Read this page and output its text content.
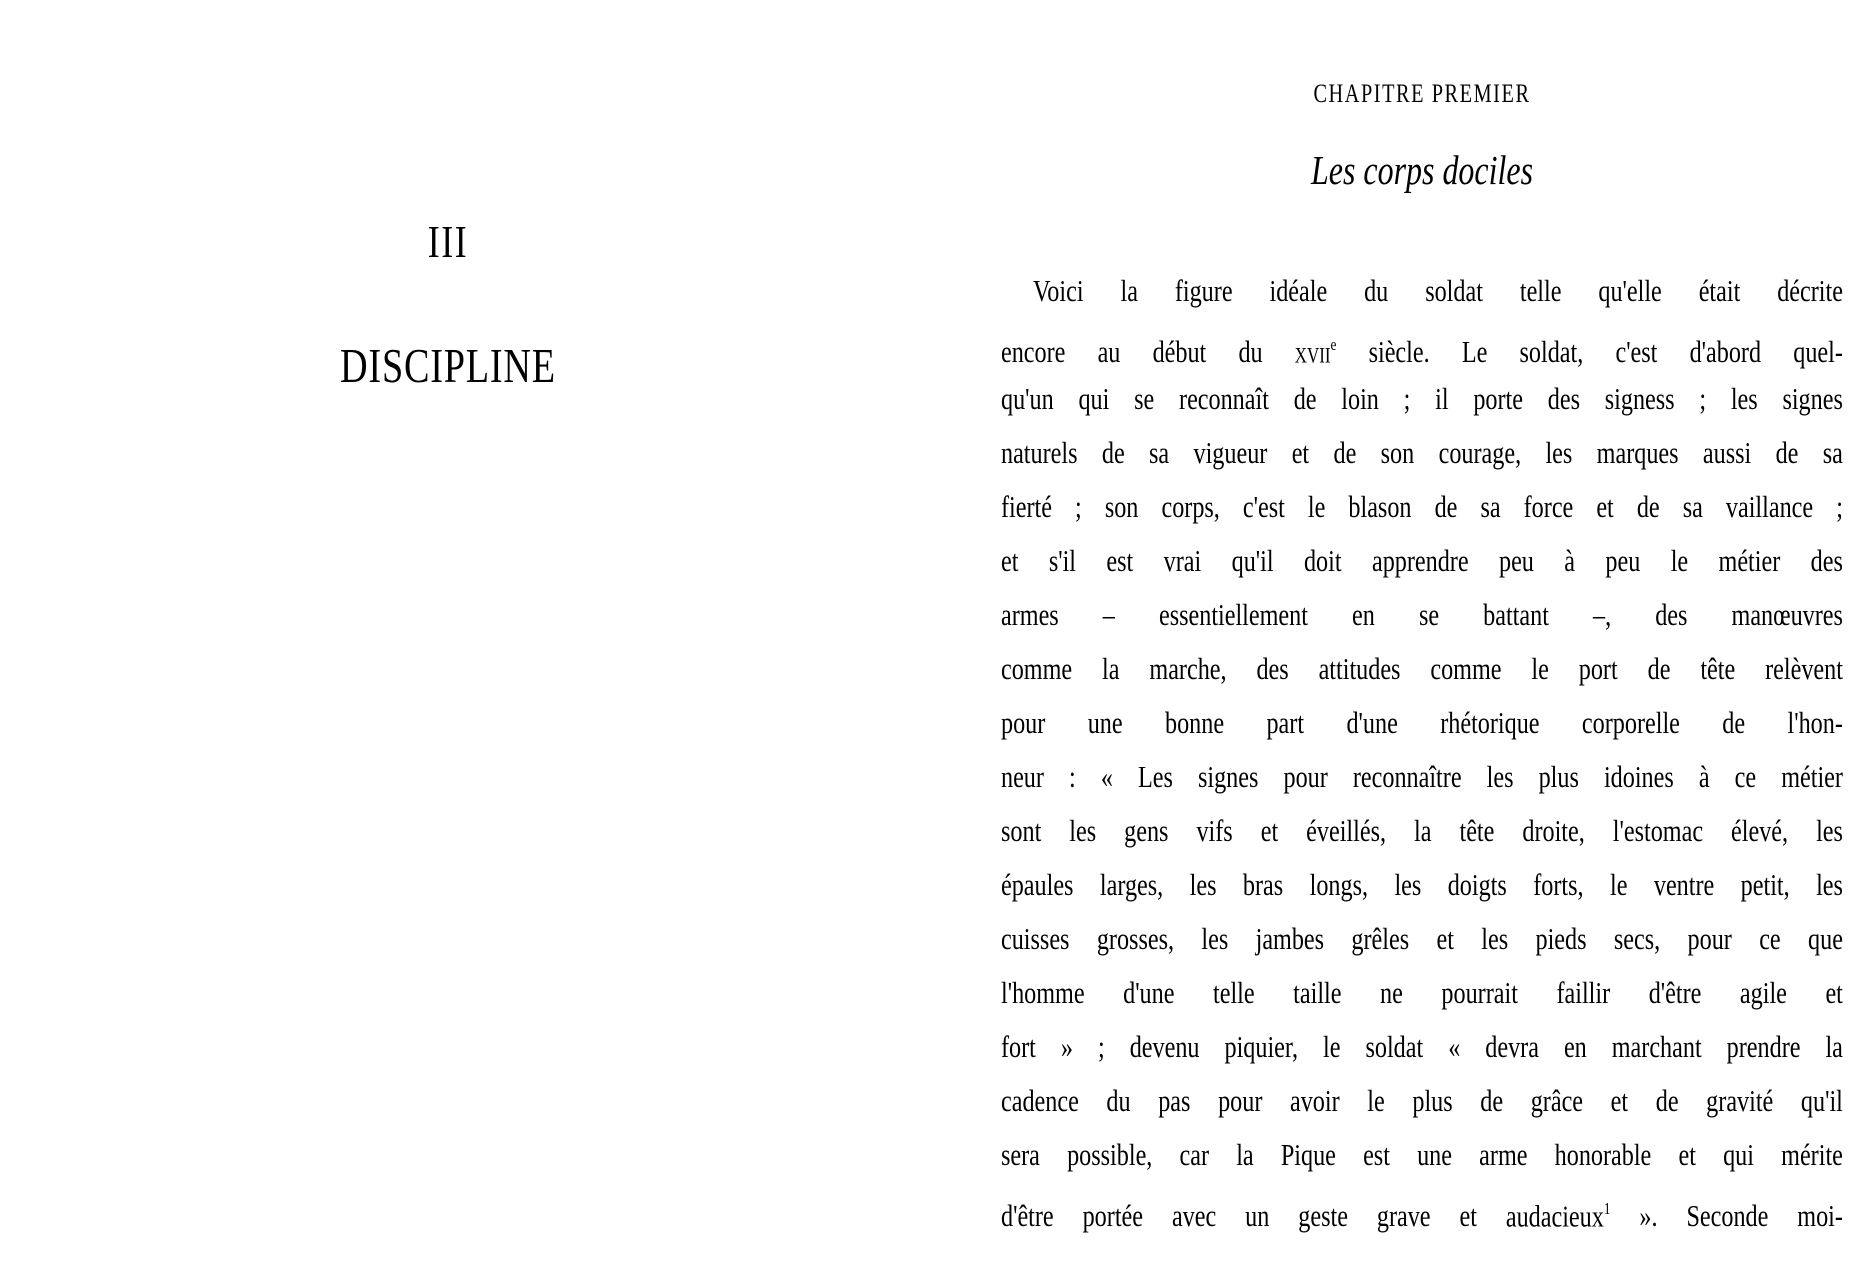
III
DISCIPLINE
CHAPITRE PREMIER
Les corps dociles
Voici la figure idéale du soldat telle qu'elle était décrite
encore au début du XVIIe siècle. Le soldat, c'est d'abord quel-
qu'un qui se reconnaît de loin ; il porte des signess ; les signes
naturels de sa vigueur et de son courage, les marques aussi de sa
fierté ; son corps, c'est le blason de sa force et de sa vaillance ;
et s'il est vrai qu'il doit apprendre peu à peu le métier des
armes – essentiellement en se battant –, des manœuvres
comme la marche, des attitudes comme le port de tête relèvent
pour une bonne part d'une rhétorique corporelle de l'hon-
neur : « Les signes pour reconnaître les plus idoines à ce métier
sont les gens vifs et éveillés, la tête droite, l'estomac élevé, les
épaules larges, les bras longs, les doigts forts, le ventre petit, les
cuisses grosses, les jambes grêles et les pieds secs, pour ce que
l'homme d'une telle taille ne pourrait faillir d'être agile et
fort » ; devenu piquier, le soldat « devra en marchant prendre la
cadence du pas pour avoir le plus de grâce et de gravité qu'il
sera possible, car la Pique est une arme honorable et qui mérite
d'être portée avec un geste grave et audacieux$^1$ ». Seconde moi-
